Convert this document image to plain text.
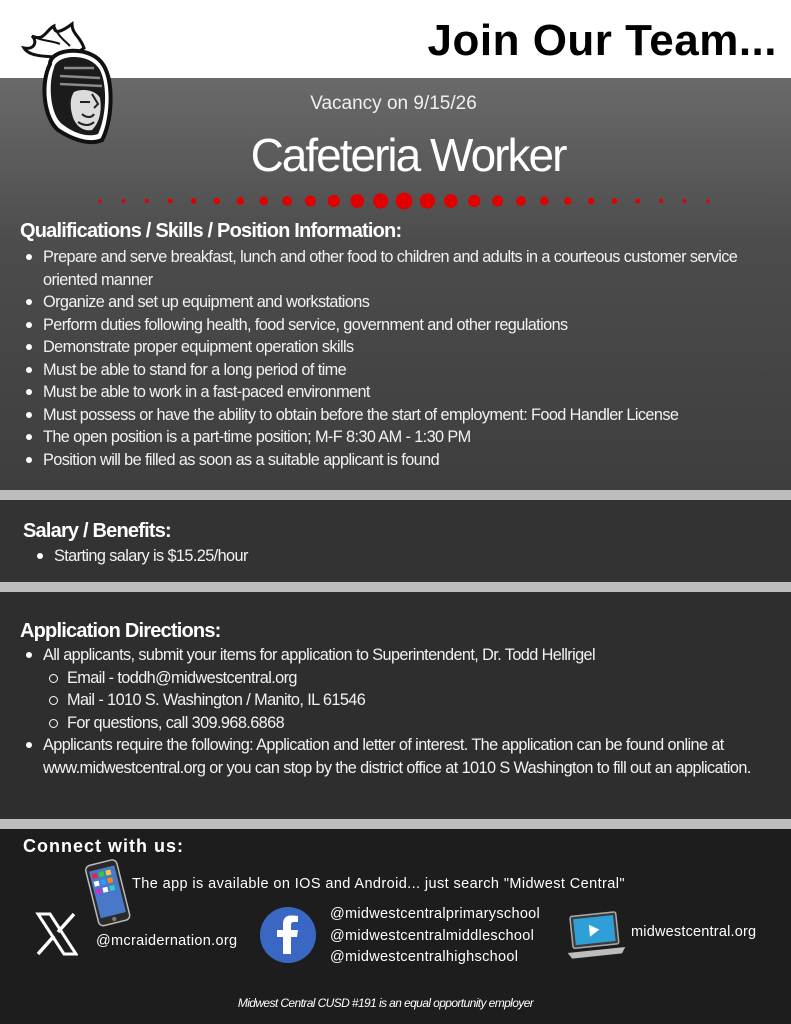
Join Our Team...
Vacancy on 9/15/26
Cafeteria Worker
Qualifications / Skills / Position Information:
Prepare and serve breakfast, lunch and other food to children and adults in a courteous customer service oriented manner
Organize and set up equipment and workstations
Perform duties following health, food service, government and other regulations
Demonstrate proper equipment operation skills
Must be able to stand for a long period of time
Must be able to work in a fast-paced environment
Must possess or have the ability to obtain before the start of employment: Food Handler License
The open position is a part-time position; M-F 8:30 AM - 1:30 PM
Position will be filled as soon as a suitable applicant is found
Salary / Benefits:
Starting salary is $15.25/hour
Application Directions:
All applicants, submit your items for application to Superintendent, Dr. Todd Hellrigel
Email - toddh@midwestcentral.org
Mail - 1010 S. Washington / Manito, IL 61546
For questions, call 309.968.6868
Applicants require the following: Application and letter of interest. The application can be found online at www.midwestcentral.org or you can stop by the district office at 1010 S Washington to fill out an application.
Connect with us:
The app is available on IOS and Android... just search "Midwest Central"
@mcraidernation.org
@midwestcentralprimaryschool
@midwestcentralmiddleschool
@midwestcentralhighschool
midwestcentral.org
Midwest Central CUSD #191 is an equal opportunity employer
